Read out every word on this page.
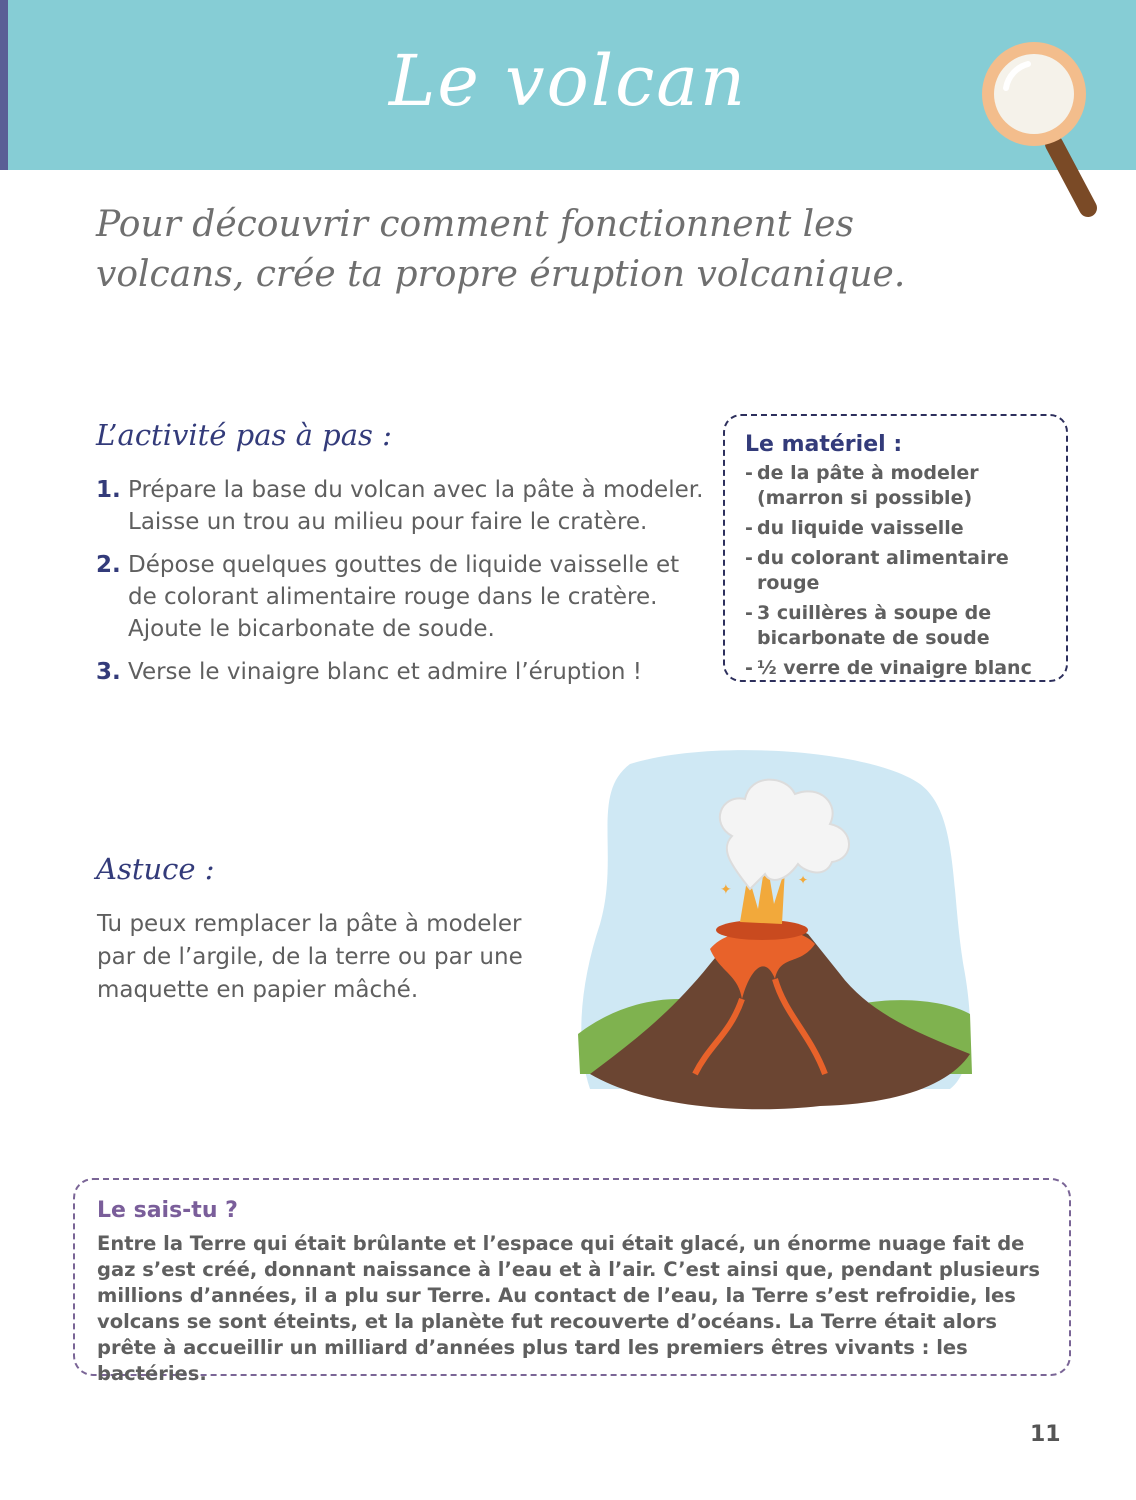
Le volcan
Pour découvrir comment fonctionnent les volcans, crée ta propre éruption volcanique.
L’activité pas à pas :
1. Prépare la base du volcan avec la pâte à modeler. Laisse un trou au milieu pour faire le cratère.
2. Dépose quelques gouttes de liquide vaisselle et de colorant alimentaire rouge dans le cratère. Ajoute le bicarbonate de soude.
3. Verse le vinaigre blanc et admire l’éruption !
Le matériel :
- de la pâte à modeler (marron si possible)
- du liquide vaisselle
- du colorant alimentaire rouge
- 3 cuillères à soupe de bicarbonate de soude
- ½ verre de vinaigre blanc
Astuce :
Tu peux remplacer la pâte à modeler par de l’argile, de la terre ou par une maquette en papier mâché.
✦
✦
Le sais-tu ?
Entre la Terre qui était brûlante et l’espace qui était glacé, un énorme nuage fait de gaz s’est créé, donnant naissance à l’eau et à l’air. C’est ainsi que, pendant plusieurs millions d’années, il a plu sur Terre. Au contact de l’eau, la Terre s’est refroidie, les volcans se sont éteints, et la planète fut recouverte d’océans. La Terre était alors prête à accueillir un milliard d’années plus tard les premiers êtres vivants : les bactéries.
11
